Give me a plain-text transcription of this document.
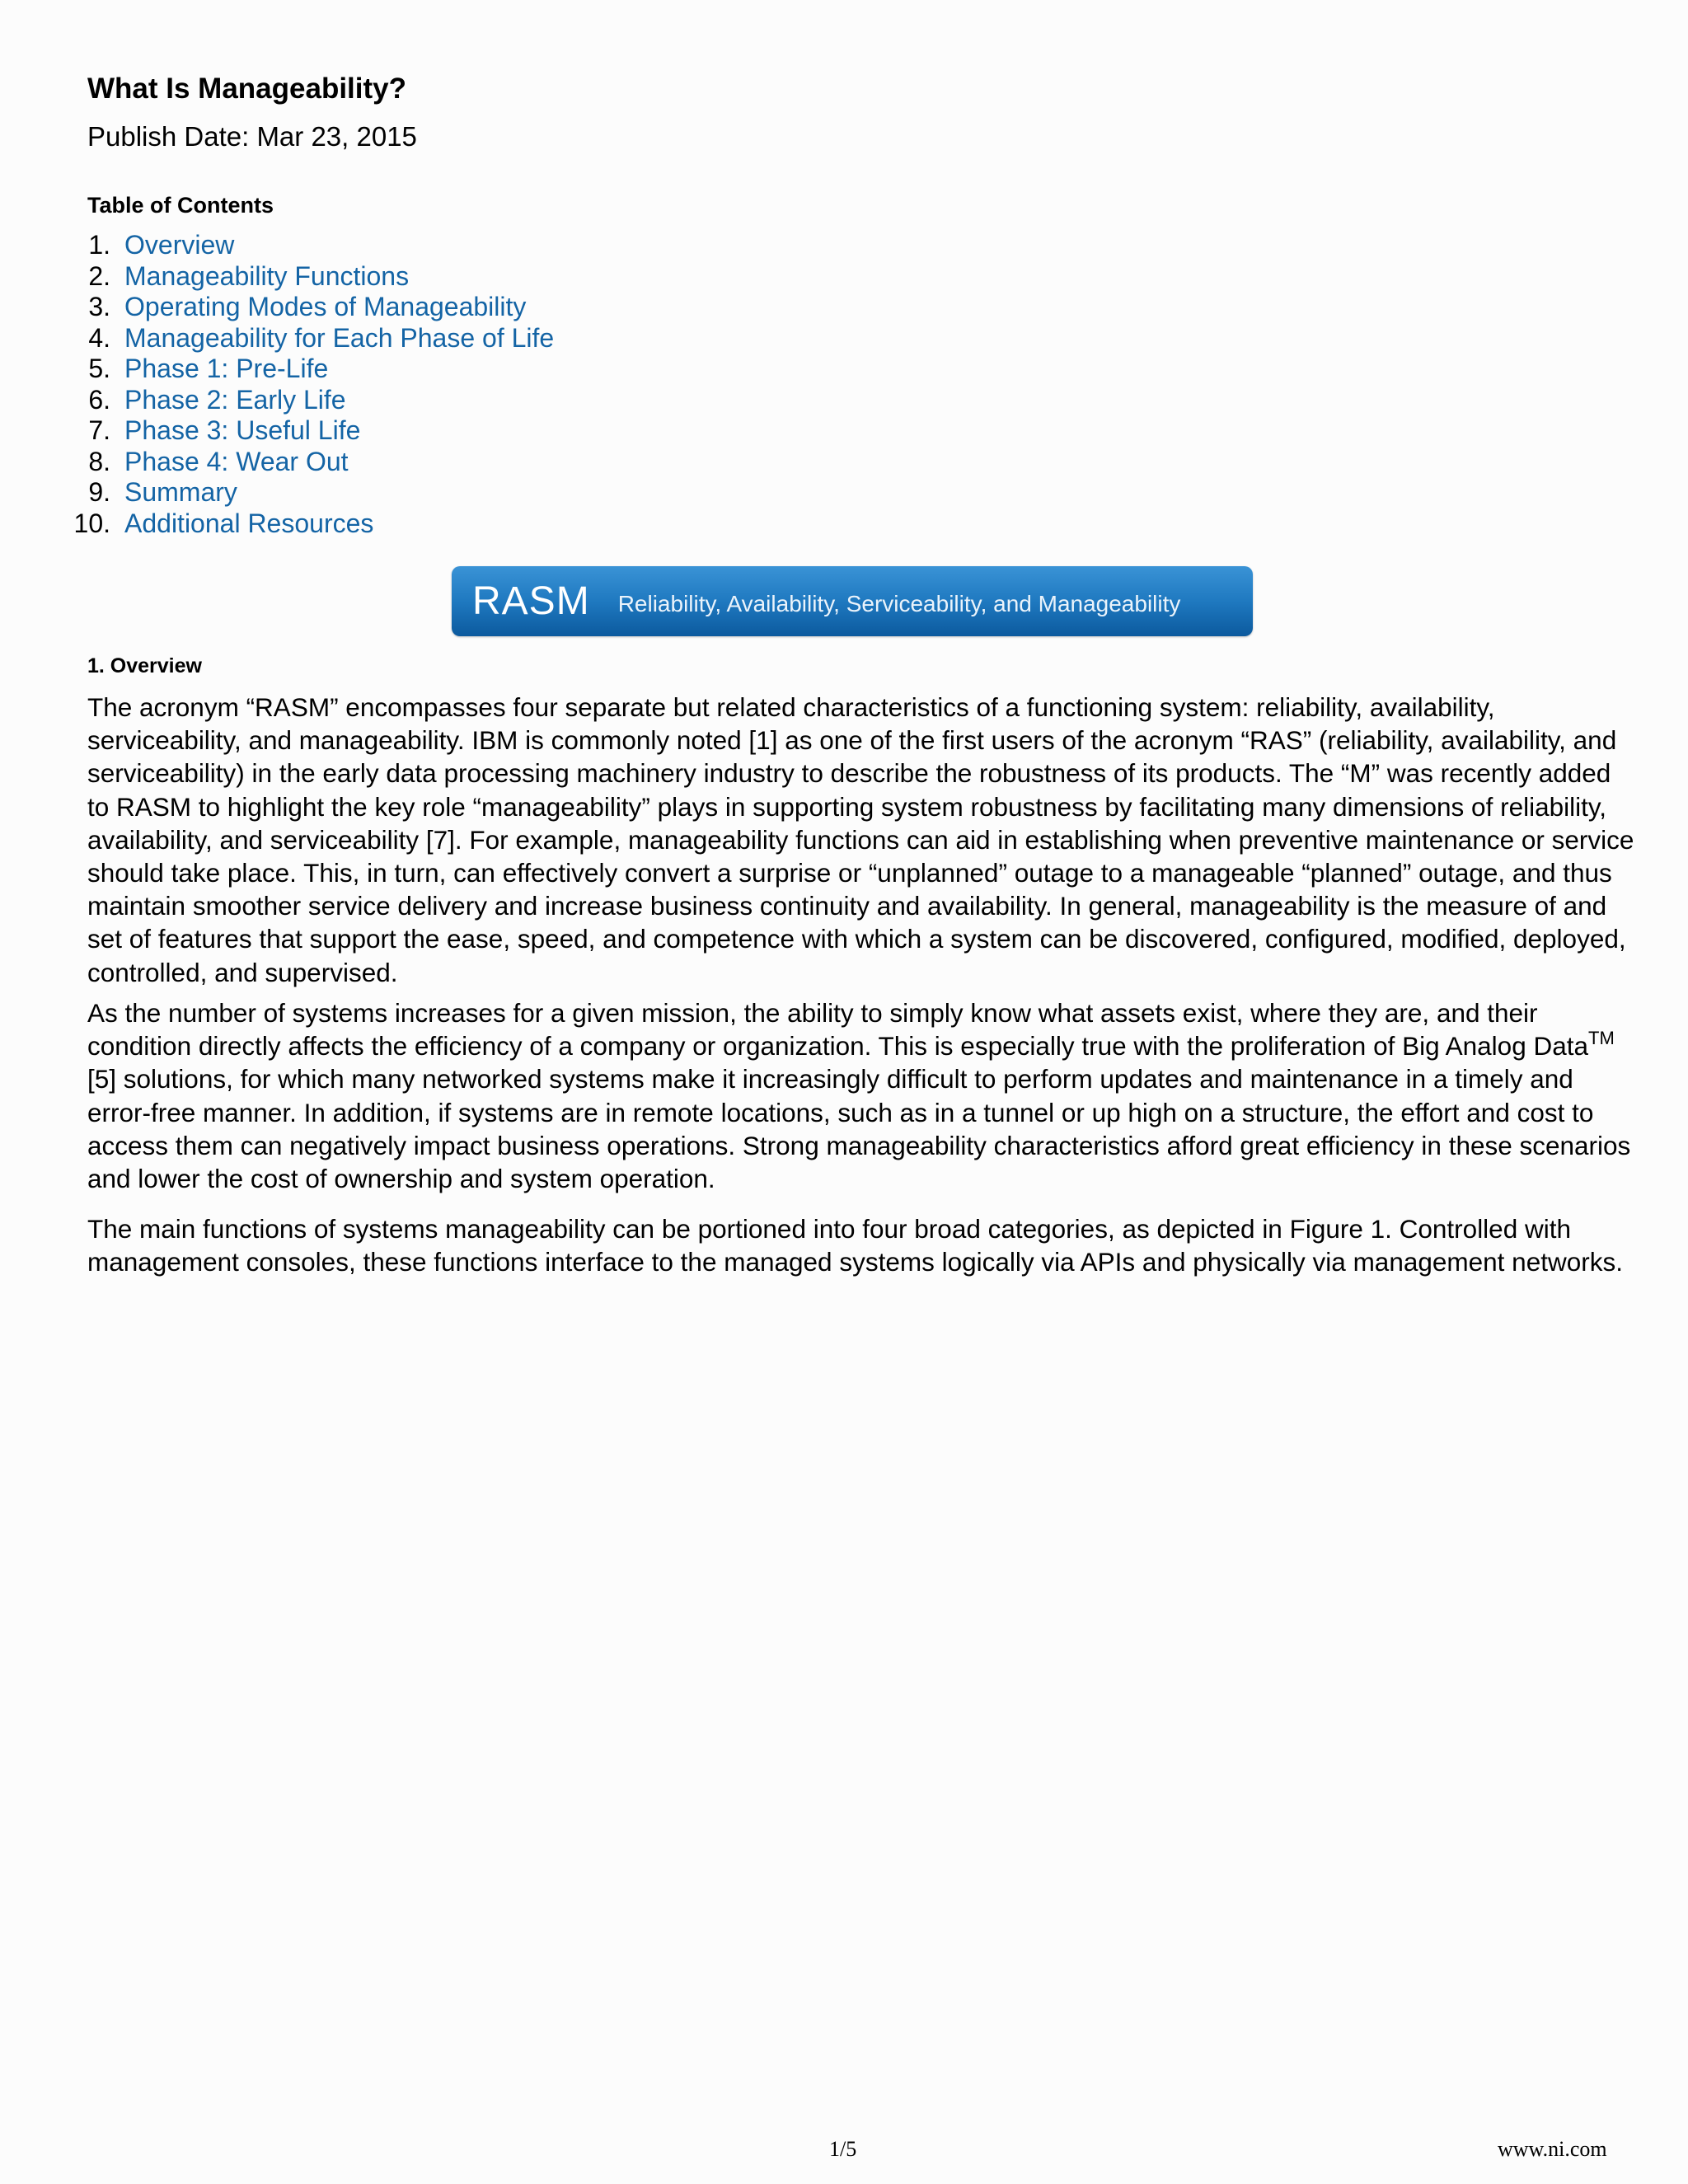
What Is Manageability?
Publish Date: Mar 23, 2015
Table of Contents
1. Overview
2. Manageability Functions
3. Operating Modes of Manageability
4. Manageability for Each Phase of Life
5. Phase 1: Pre-Life
6. Phase 2: Early Life
7. Phase 3: Useful Life
8. Phase 4: Wear Out
9. Summary
10. Additional Resources
RASM Reliability, Availability, Serviceability, and Manageability
1. Overview

The acronym “RASM” encompasses four separate but related characteristics of a functioning system: reliability, availability, serviceability, and manageability. IBM is commonly noted [1] as one of the first users of the acronym “RAS” (reliability, availability, and serviceability) in the early data processing machinery industry to describe the robustness of its products. The “M” was recently added to RASM to highlight the key role “manageability” plays in supporting system robustness by facilitating many dimensions of reliability, availability, and serviceability [7]. For example, manageability functions can aid in establishing when preventive maintenance or service should take place. This, in turn, can effectively convert a surprise or “unplanned” outage to a manageable “planned” outage, and thus maintain smoother service delivery and increase business continuity and availability. In general, manageability is the measure of and set of features that support the ease, speed, and competence with which a system can be discovered, configured, modified, deployed, controlled, and supervised.

As the number of systems increases for a given mission, the ability to simply know what assets exist, where they are, and their condition directly affects the efficiency of a company or organization. This is especially true with the proliferation of Big Analog Data™ [5] solutions, for which many networked systems make it increasingly difficult to perform updates and maintenance in a timely and error-free manner. In addition, if systems are in remote locations, such as in a tunnel or up high on a structure, the effort and cost to access them can negatively impact business operations. Strong manageability characteristics afford great efficiency in these scenarios and lower the cost of ownership and system operation.

The main functions of systems manageability can be portioned into four broad categories, as depicted in Figure 1. Controlled with management consoles, these functions interface to the managed systems logically via APIs and physically via management networks.

1/5	www.ni.com
